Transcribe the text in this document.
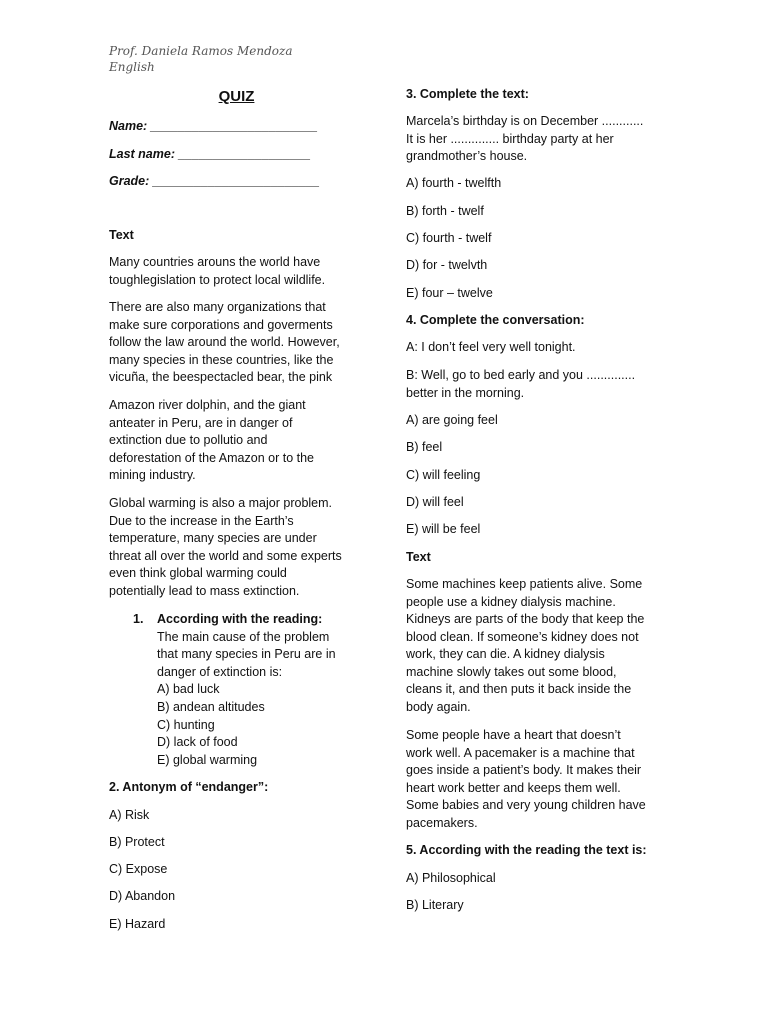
Prof. Daniela Ramos Mendoza
English
QUIZ
Name: ________________________
Last name: ___________________
Grade: ________________________
Text
Many countries arouns the world have
toughlegislation to protect local wildlife.
There are also many organizations that
make sure corporations and goverments
follow the law around the world. However,
many species in these countries, like the
vicuña, the beespectacled bear, the pink
Amazon river dolphin, and the giant
anteater in Peru, are in danger of
extinction due to pollutio and
deforestation of the Amazon or to the
mining industry.
Global warming is also a major problem.
Due to the increase in the Earth’s
temperature, many species are under
threat all over the world and some experts
even think global warming could
potentially lead to mass extinction.
1. According with the reading:
The main cause of the problem
that many species in Peru are in
danger of extinction is:
A) bad luck
B) andean altitudes
C) hunting
D) lack of food
E) global warming
2. Antonym of “endanger”:
A) Risk
B) Protect
C) Expose
D) Abandon
E) Hazard
3. Complete the text:
Marcela’s birthday is on December ............
It is her .............. birthday party at her
grandmother’s house.
A) fourth - twelfth
B) forth - twelf
C) fourth - twelf
D) for - twelvth
E) four – twelve
4. Complete the conversation:
A: I don’t feel very well tonight.
B: Well, go to bed early and you ..............
better in the morning.
A) are going feel
B) feel
C) will feeling
D) will feel
E) will be feel
Text
Some machines keep patients alive. Some
people use a kidney dialysis machine.
Kidneys are parts of the body that keep the
blood clean. If someone’s kidney does not
work, they can die. A kidney dialysis
machine slowly takes out some blood,
cleans it, and then puts it back inside the
body again.
Some people have a heart that doesn’t
work well. A pacemaker is a machine that
goes inside a patient’s body. It makes their
heart work better and keeps them well.
Some babies and very young children have
pacemakers.
5. According with the reading the text is:
A) Philosophical
B) Literary
